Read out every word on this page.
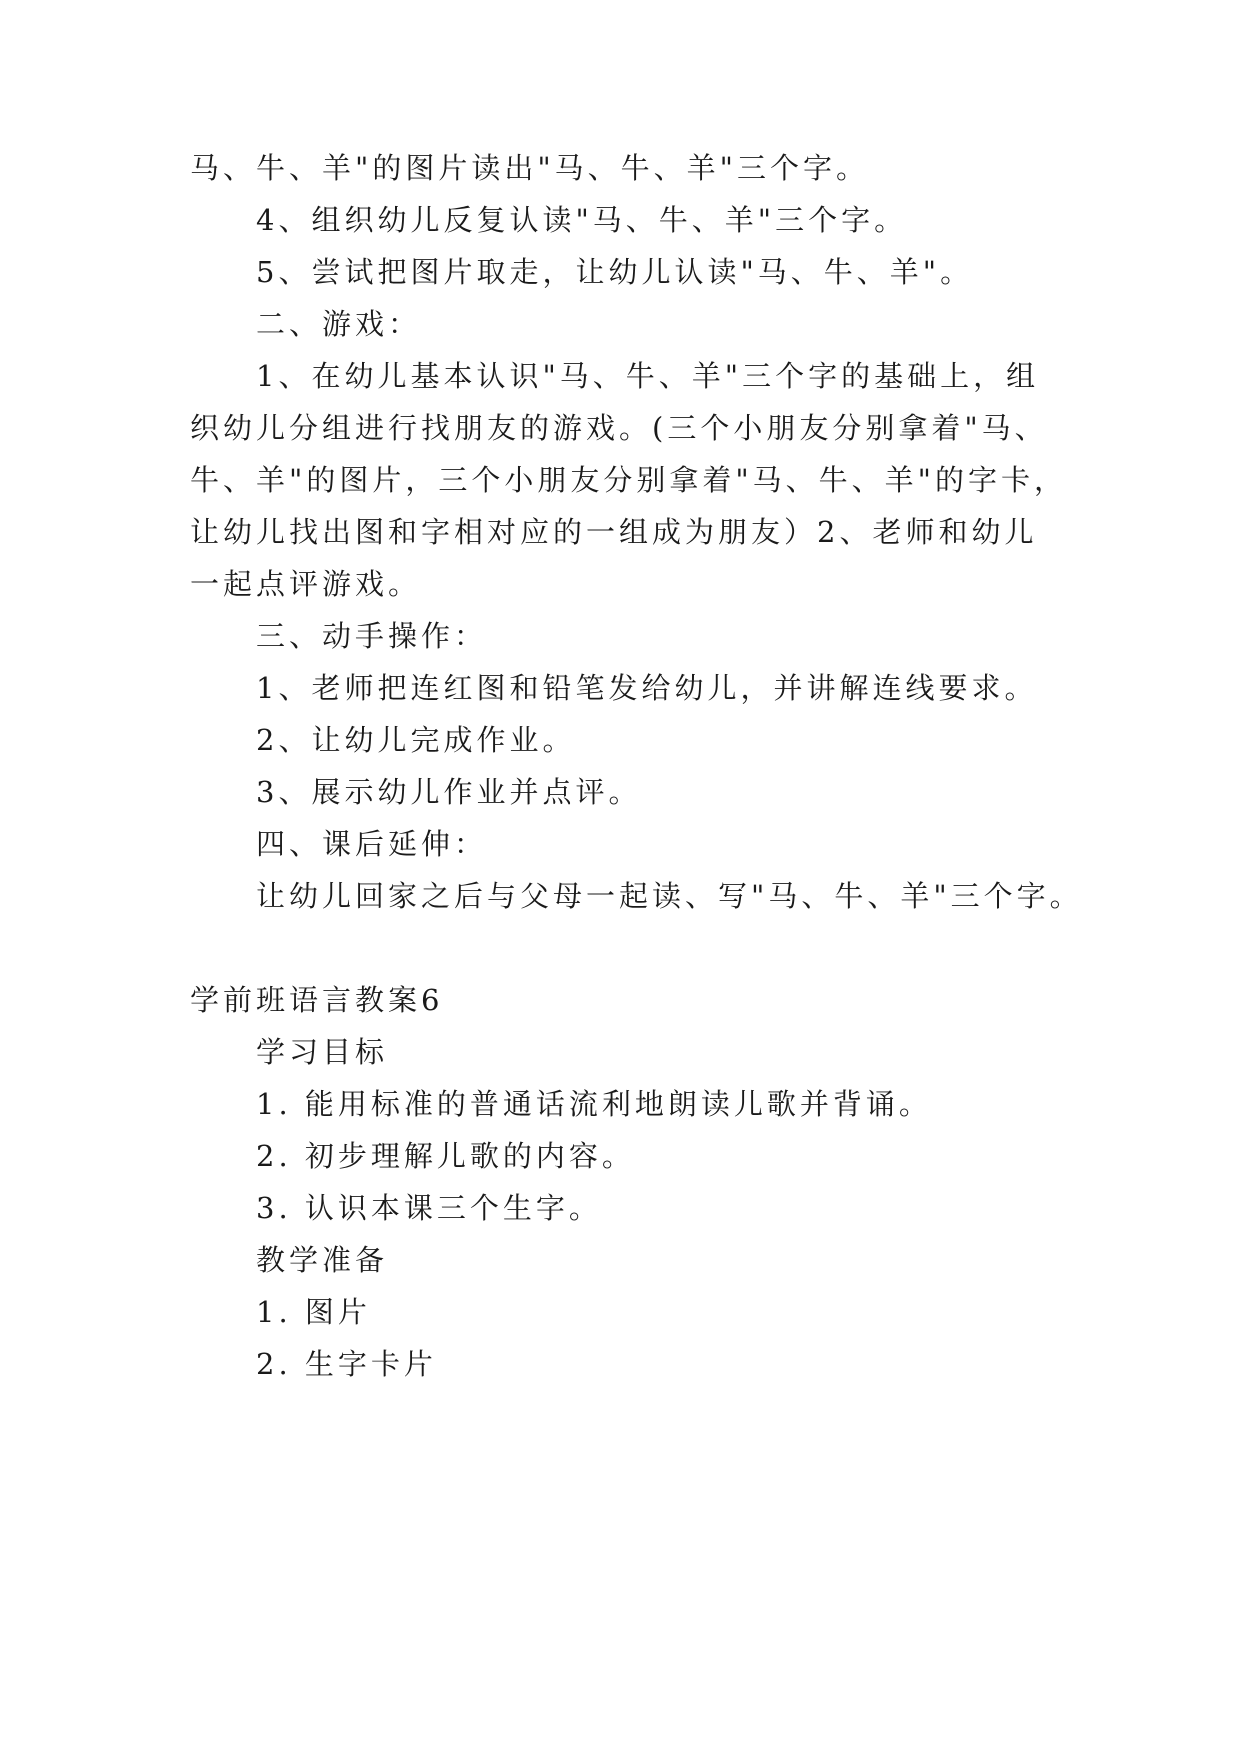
马、牛、羊"的图片读出"马、牛、羊"三个字。
4、组织幼儿反复认读"马、牛、羊"三个字。
5、尝试把图片取走，让幼儿认读"马、牛、羊"。
二、游戏：
1、在幼儿基本认识"马、牛、羊"三个字的基础上，组
织幼儿分组进行找朋友的游戏。(三个小朋友分别拿着"马、
牛、羊"的图片，三个小朋友分别拿着"马、牛、羊"的字卡，
让幼儿找出图和字相对应的一组成为朋友）2、老师和幼儿
一起点评游戏。
三、动手操作：
1、老师把连红图和铅笔发给幼儿，并讲解连线要求。
2、让幼儿完成作业。
3、展示幼儿作业并点评。
四、课后延伸：
让幼儿回家之后与父母一起读、写"马、牛、羊"三个字。
学前班语言教案6
学习目标
1. 能用标准的普通话流利地朗读儿歌并背诵。
2. 初步理解儿歌的内容。
3. 认识本课三个生字。
教学准备
1. 图片
2. 生字卡片
